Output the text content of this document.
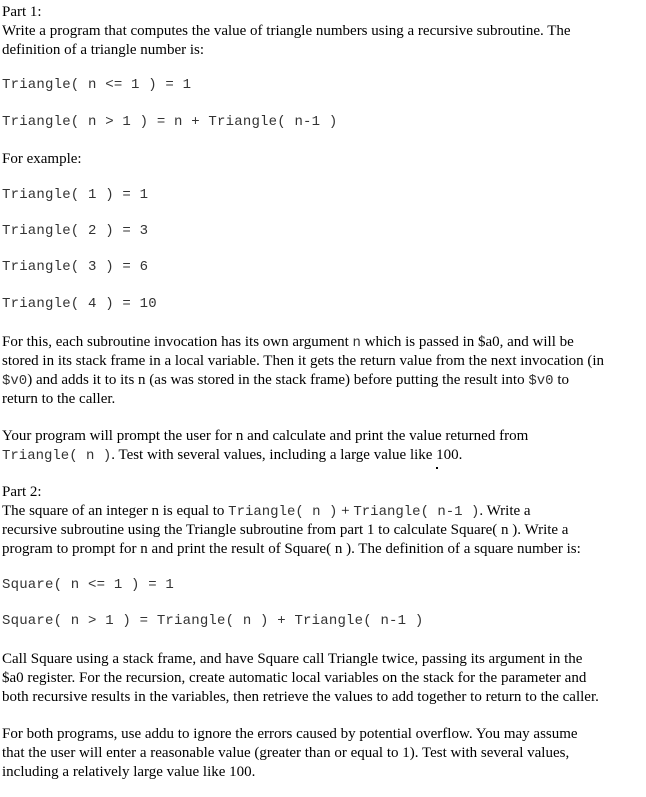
Part 1:
Write a program that computes the value of triangle numbers using a recursive subroutine. The
definition of a triangle number is:
Triangle( n <= 1 ) = 1
Triangle( n > 1 ) = n + Triangle( n-1 )
For example:
Triangle( 1 ) = 1
Triangle( 2 ) = 3
Triangle( 3 ) = 6
Triangle( 4 ) = 10
For this, each subroutine invocation has its own argument n which is passed in $a0, and will be
stored in its stack frame in a local variable. Then it gets the return value from the next invocation (in
$v0) and adds it to its n (as was stored in the stack frame) before putting the result into $v0 to
return to the caller.
Your program will prompt the user for n and calculate and print the value returned from
Triangle( n ). Test with several values, including a large value like 100.
Part 2:
The square of an integer n is equal to Triangle( n ) + Triangle( n-1 ). Write a
recursive subroutine using the Triangle subroutine from part 1 to calculate Square( n ). Write a
program to prompt for n and print the result of Square( n ). The definition of a square number is:
Square( n <= 1 ) = 1
Square( n > 1 ) = Triangle( n ) + Triangle( n-1 )
Call Square using a stack frame, and have Square call Triangle twice, passing its argument in the
$a0 register. For the recursion, create automatic local variables on the stack for the parameter and
both recursive results in the variables, then retrieve the values to add together to return to the caller.
For both programs, use addu to ignore the errors caused by potential overflow. You may assume
that the user will enter a reasonable value (greater than or equal to 1). Test with several values,
including a relatively large value like 100.
